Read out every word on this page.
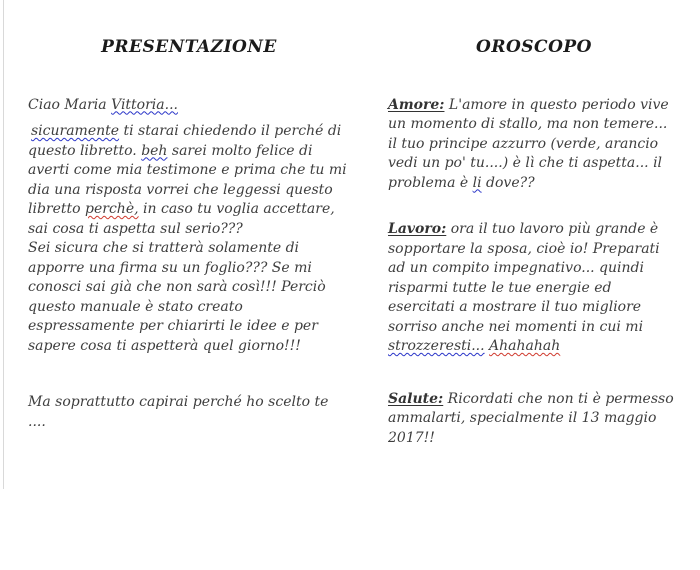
PRESENTAZIONE

Ciao Maria Vittoria...

sicuramente ti starai chiedendo il perché di questo libretto. beh sarei molto felice di averti come mia testimone e prima che tu mi dia una risposta vorrei che leggessi questo libretto perchè, in caso tu voglia accettare, sai cosa ti aspetta sul serio???

Sei sicura che si tratterà solamente di apporre una firma su un foglio??? Se mi conosci sai già che non sarà così!!! Perciò questo manuale è stato creato espressamente per chiarirti le idee e per sapere cosa ti aspetterà quel giorno!!!

Ma soprattutto capirai perché ho scelto te ....

OROSCOPO

Amore: L'amore in questo periodo vive un momento di stallo, ma non temere... il tuo principe azzurro (verde, arancio vedi un po' tu....) è lì che ti aspetta... il problema è li dove??

Lavoro: ora il tuo lavoro più grande è sopportare la sposa, cioè io! Preparati ad un compito impegnativo... quindi risparmi tutte le tue energie ed esercitati a mostrare il tuo migliore sorriso anche nei momenti in cui mi strozzeresti... Ahahahah

Salute: Ricordati che non ti è permesso ammalarti, specialmente il 13 maggio 2017!!
